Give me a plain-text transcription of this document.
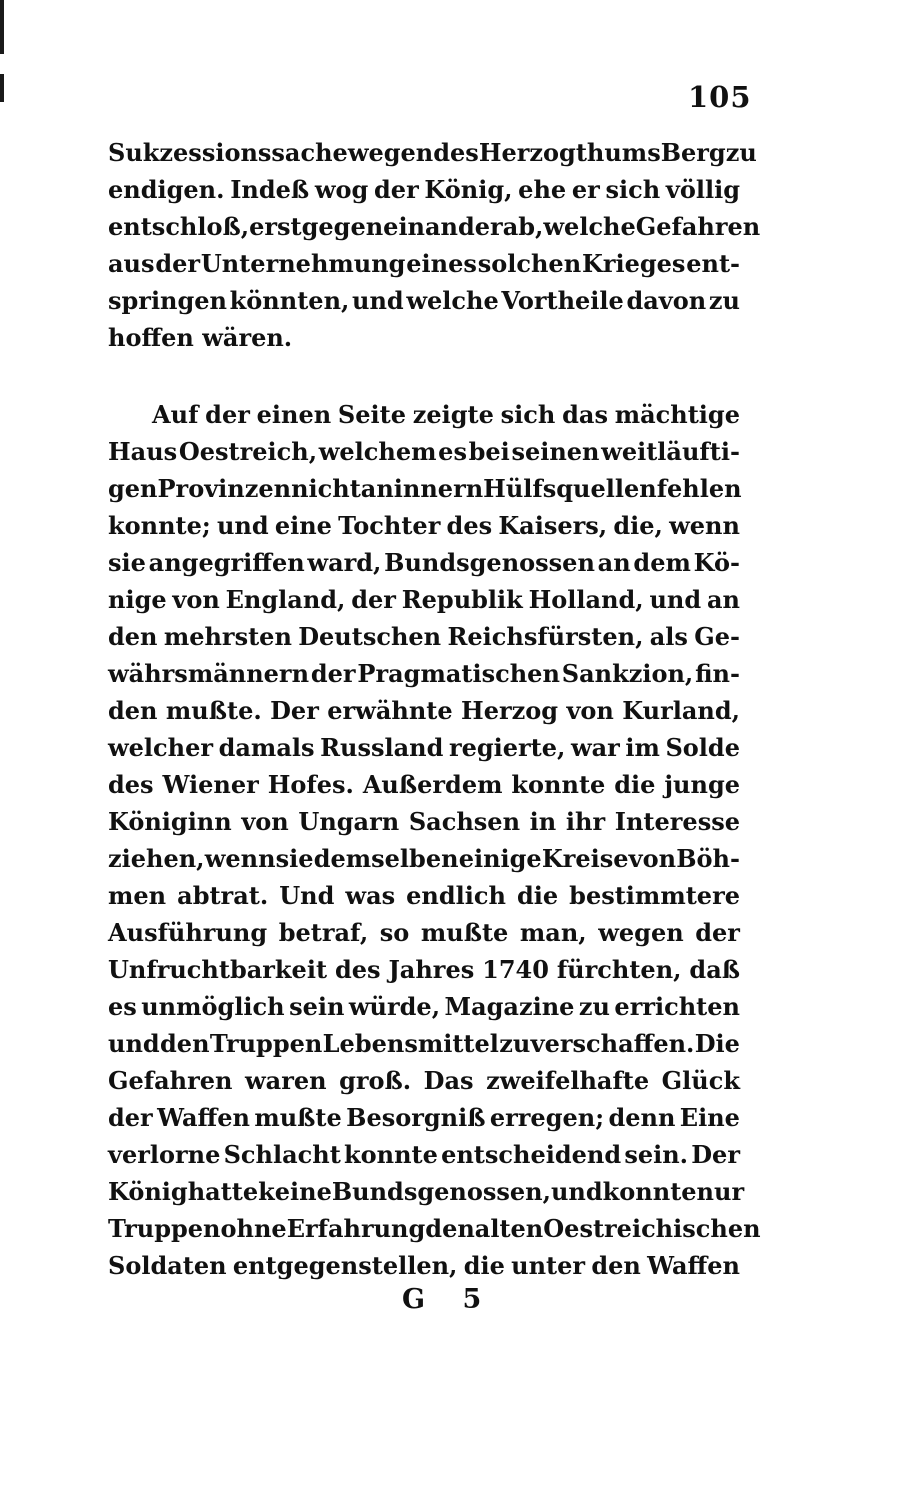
105
Sukzessionssache wegen des Herzogthums Berg zu
endigen. Indeß wog der König, ehe er sich völlig
entschloß, erst gegen einander ab, welche Gefahren
aus der Unternehmung eines solchen Krieges ent-
springen könnten, und welche Vortheile davon zu
hoffen wären.
Auf der einen Seite zeigte sich das mächtige
Haus Oestreich, welchem es bei seinen weitläufti-
gen Provinzen nicht an innern Hülfsquellen fehlen
konnte; und eine Tochter des Kaisers, die, wenn
sie angegriffen ward, Bundsgenossen an dem Kö-
nige von England, der Republik Holland, und an
den mehrsten Deutschen Reichsfürsten, als Ge-
währsmännern der Pragmatischen Sankzion, fin-
den mußte. Der erwähnte Herzog von Kurland,
welcher damals Russland regierte, war im Solde
des Wiener Hofes. Außerdem konnte die junge
Königinn von Ungarn Sachsen in ihr Interesse
ziehen, wenn sie demselben einige Kreise von Böh-
men abtrat. Und was endlich die bestimmtere
Ausführung betraf, so mußte man, wegen der
Unfruchtbarkeit des Jahres 1740 fürchten, daß
es unmöglich sein würde, Magazine zu errichten
und den Truppen Lebensmittel zu verschaffen. Die
Gefahren waren groß. Das zweifelhafte Glück
der Waffen mußte Besorgniß erregen; denn Eine
verlorne Schlacht konnte entscheidend sein. Der
König hatte keine Bundsgenossen, und konnte nur
Truppen ohne Erfahrung den alten Oestreichischen
Soldaten entgegenstellen, die unter den Waffen
G 5
